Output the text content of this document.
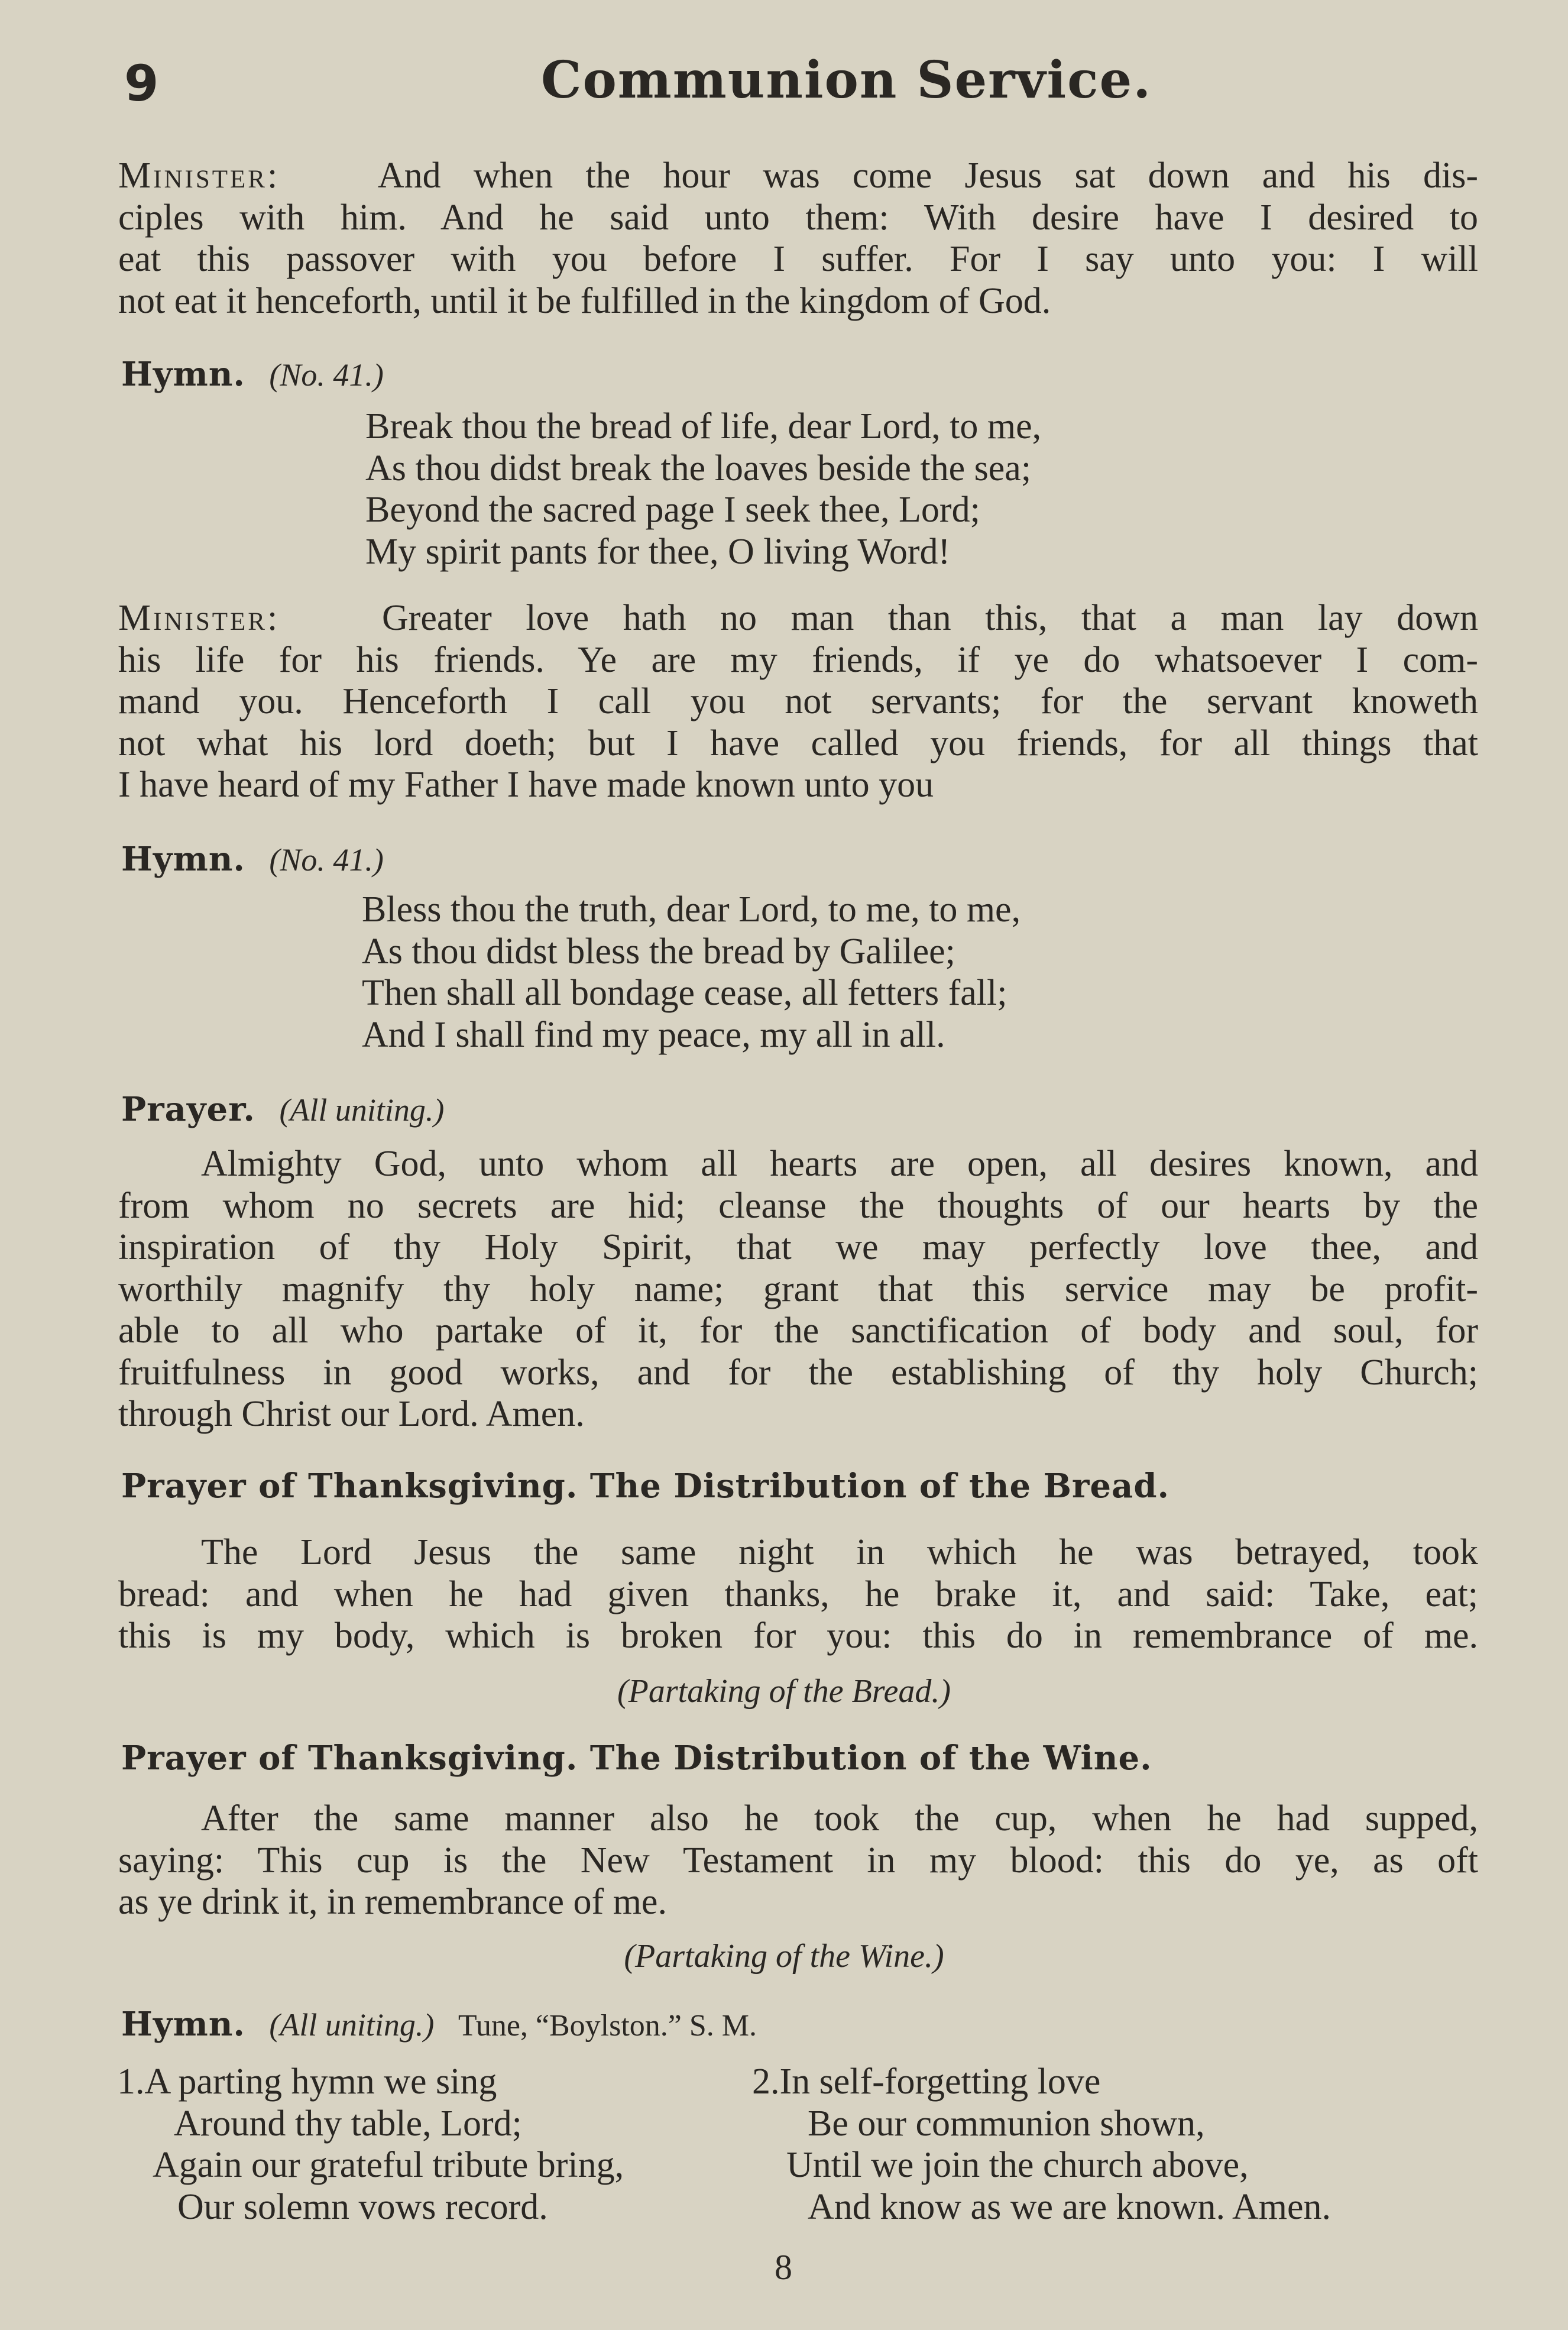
9	Communion Service.
Minister:	And when the hour was come Jesus sat down and his dis-
ciples with him. And he said unto them: With desire have I desired to
eat this passover with you before I suffer. For I say unto you: I will
not eat it henceforth, until it be fulfilled in the kingdom of God.
Hymn. (No. 41.)
Break thou the bread of life, dear Lord, to me,
As thou didst break the loaves beside the sea;
Beyond the sacred page I seek thee, Lord;
My spirit pants for thee, O living Word!
Minister:	Greater love hath no man than this, that a man lay down
his life for his friends. Ye are my friends, if ye do whatsoever I com-
mand you. Henceforth I call you not servants; for the servant knoweth
not what his lord doeth; but I have called you friends, for all things that
I have heard of my Father I have made known unto you
Hymn. (No. 41.)
Bless thou the truth, dear Lord, to me, to me,
As thou didst bless the bread by Galilee;
Then shall all bondage cease, all fetters fall;
And I shall find my peace, my all in all.
Prayer. (All uniting.)
Almighty God, unto whom all hearts are open, all desires known, and
from whom no secrets are hid; cleanse the thoughts of our hearts by the
inspiration of thy Holy Spirit, that we may perfectly love thee, and
worthily magnify thy holy name; grant that this service may be profit-
able to all who partake of it, for the sanctification of body and soul, for
fruitfulness in good works, and for the establishing of thy holy Church;
through Christ our Lord. Amen.
Prayer of Thanksgiving. The Distribution of the Bread.
The Lord Jesus the same night in which he was betrayed, took
bread: and when he had given thanks, he brake it, and said: Take, eat;
this is my body, which is broken for you: this do in remembrance of me.
(Partaking of the Bread.)
Prayer of Thanksgiving. The Distribution of the Wine.
After the same manner also he took the cup, when he had supped,
saying: This cup is the New Testament in my blood: this do ye, as oft
as ye drink it, in remembrance of me.
(Partaking of the Wine.)
Hymn. (All uniting.) Tune, “Boylston.” S. M.
1.A parting hymn we sing
Around thy table, Lord;
Again our grateful tribute bring,
Our solemn vows record.
2.In self-forgetting love
Be our communion shown,
Until we join the church above,
And know as we are known. Amen.
8
